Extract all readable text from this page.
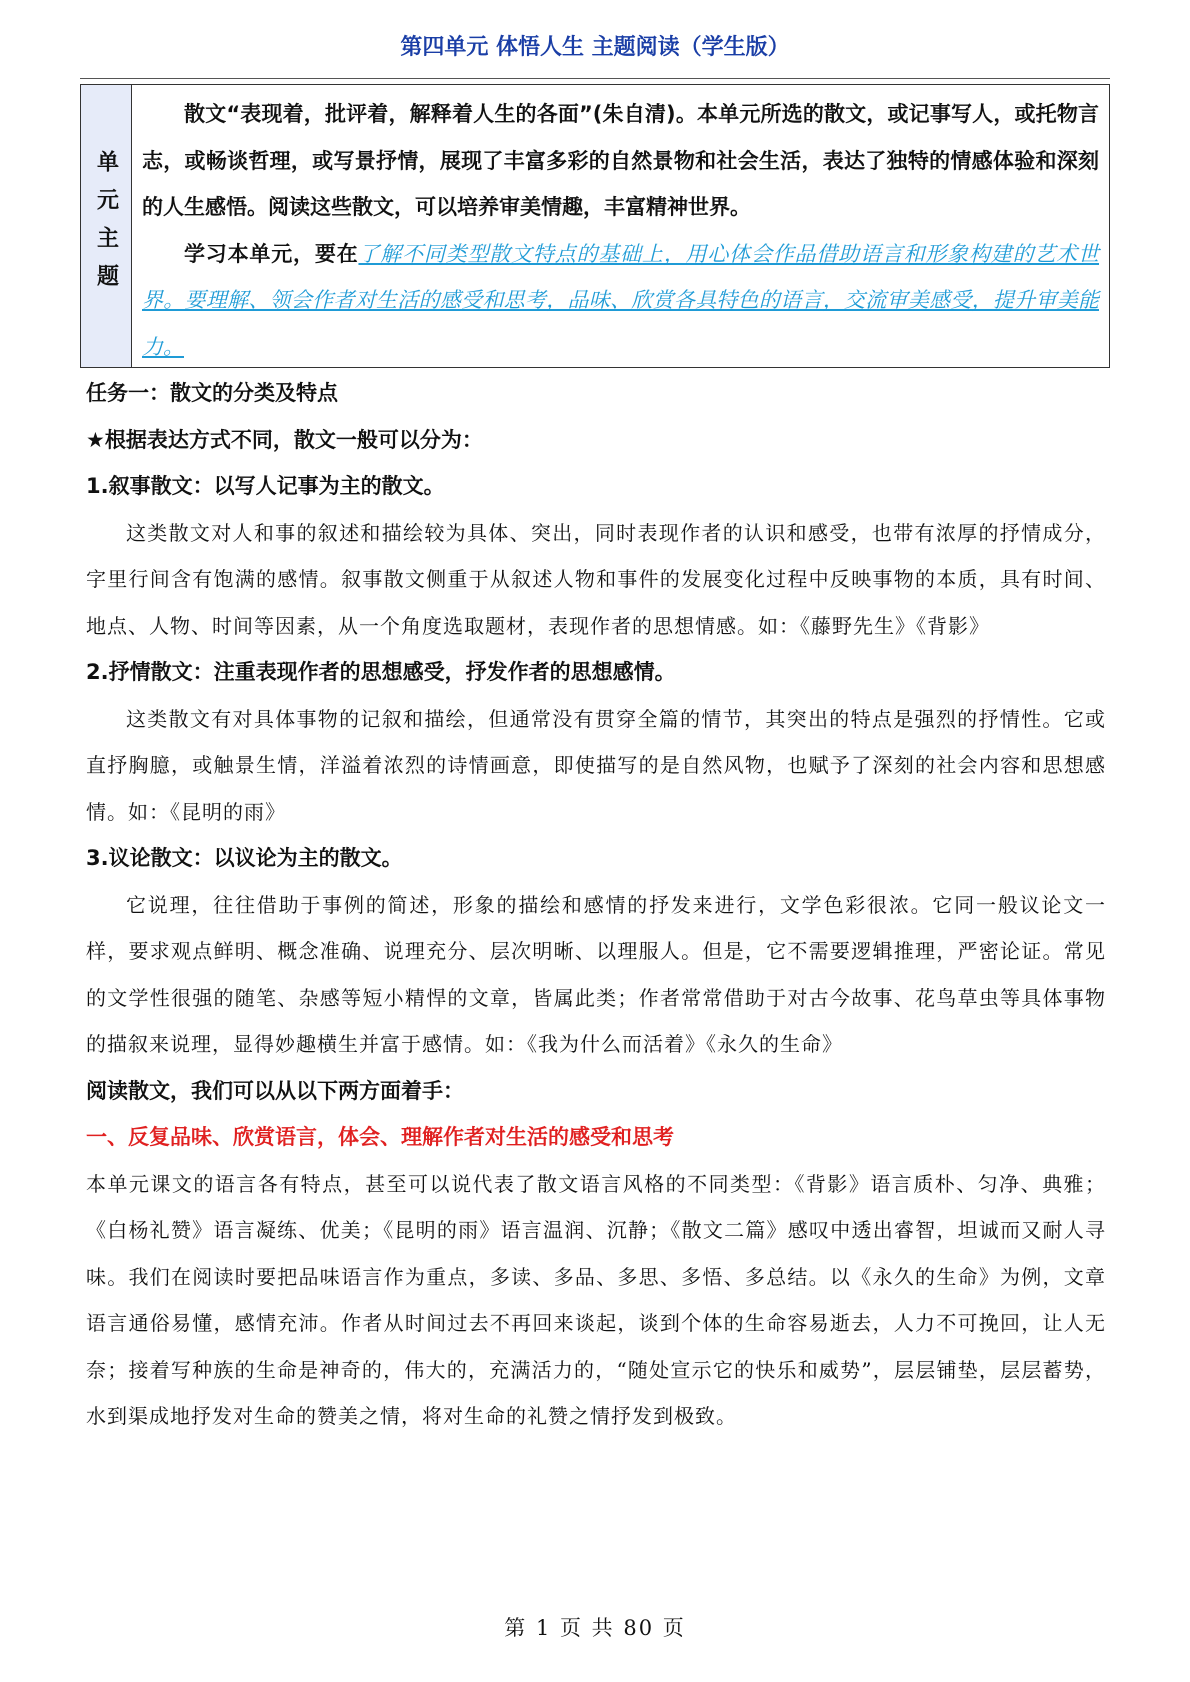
第四单元 体悟人生 主题阅读（学生版）
单元主题

散文“表现着，批评着，解释着人生的各面”(朱自清)。本单元所选的散文，或记事写人，或托物言志，或畅谈哲理，或写景抒情，展现了丰富多彩的自然景物和社会生活，表达了独特的情感体验和深刻的人生感悟。阅读这些散文，可以培养审美情趣，丰富精神世界。

学习本单元，要在了解不同类型散文特点的基础上，用心体会作品借助语言和形象构建的艺术世界。要理解、领会作者对生活的感受和思考，品味、欣赏各具特色的语言，交流审美感受，提升审美能力。

任务一：散文的分类及特点

★根据表达方式不同，散文一般可以分为：

1.叙事散文：以写人记事为主的散文。

这类散文对人和事的叙述和描绘较为具体、突出，同时表现作者的认识和感受，也带有浓厚的抒情成分，字里行间含有饱满的感情。叙事散文侧重于从叙述人物和事件的发展变化过程中反映事物的本质，具有时间、地点、人物、时间等因素，从一个角度选取题材，表现作者的思想情感。如：《藤野先生》《背影》

2.抒情散文：注重表现作者的思想感受，抒发作者的思想感情。

这类散文有对具体事物的记叙和描绘，但通常没有贯穿全篇的情节，其突出的特点是强烈的抒情性。它或直抒胸臆，或触景生情，洋溢着浓烈的诗情画意，即使描写的是自然风物，也赋予了深刻的社会内容和思想感情。如：《昆明的雨》

3.议论散文：以议论为主的散文。

它说理，往往借助于事例的简述，形象的描绘和感情的抒发来进行，文学色彩很浓。它同一般议论文一样，要求观点鲜明、概念准确、说理充分、层次明晰、以理服人。但是，它不需要逻辑推理，严密论证。常见的文学性很强的随笔、杂感等短小精悍的文章，皆属此类；作者常常借助于对古今故事、花鸟草虫等具体事物的描叙来说理，显得妙趣横生并富于感情。如：《我为什么而活着》《永久的生命》

阅读散文，我们可以从以下两方面着手：

一、反复品味、欣赏语言，体会、理解作者对生活的感受和思考

本单元课文的语言各有特点，甚至可以说代表了散文语言风格的不同类型：《背影》语言质朴、匀净、典雅；《白杨礼赞》语言凝练、优美；《昆明的雨》语言温润、沉静；《散文二篇》感叹中透出睿智，坦诚而又耐人寻味。我们在阅读时要把品味语言作为重点，多读、多品、多思、多悟、多总结。以《永久的生命》为例，文章语言通俗易懂，感情充沛。作者从时间过去不再回来谈起，谈到个体的生命容易逝去，人力不可挽回，让人无奈；接着写种族的生命是神奇的，伟大的，充满活力的，“随处宣示它的快乐和威势”，层层铺垫，层层蓄势，水到渠成地抒发对生命的赞美之情，将对生命的礼赞之情抒发到极致。

第 1 页 共 80 页
